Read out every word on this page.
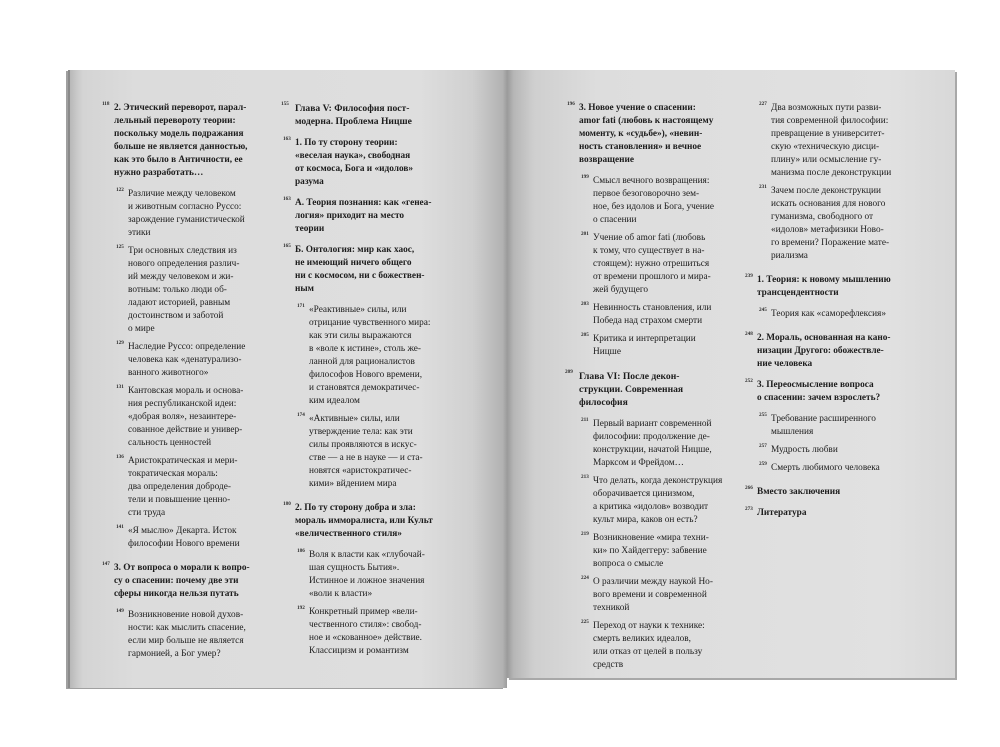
118 2. Этический переворот, парал-
лельный перевороту теории:
поскольку модель подражания
больше не является данностью,
как это было в Античности, ее
нужно разработать…
122 Различие между человеком
и животным согласно Руссо:
зарождение гуманистической
этики
125 Три основных следствия из
нового определения различ-
ий между человеком и жи-
вотным: только люди об-
ладают историей, равным
достоинством и заботой
о мире
129 Наследие Руссо: определение
человека как «денатурализо-
ванного животного»
131 Кантовская мораль и основа-
ния республиканской идеи:
«добрая воля», незаинтере-
сованное действие и универ-
сальность ценностей
136 Аристократическая и мери-
тократическая мораль:
два определения доброде-
тели и повышение ценно-
сти труда
141 «Я мыслю» Декарта. Исток
философии Нового времени
147 3. От вопроса о морали к вопро-
су о спасении: почему две эти
сферы никогда нельзя путать
149 Возникновение новой духов-
ности: как мыслить спасение,
если мир больше не является
гармонией, а Бог умер?
155 Глава V: Философия пост-
модерна. Проблема Ницше
163 1. По ту сторону теории:
«веселая наука», свободная
от космоса, Бога и «идолов»
разума
163 А. Теория познания: как «генеа-
логия» приходит на место
теории
165 Б. Онтология: мир как хаос,
не имеющий ничего общего
ни с космосом, ни с божествен-
ным
171 «Реактивные» силы, или
отрицание чувственного мира:
как эти силы выражаются
в «воле к истине», столь же-
ланной для рационалистов
философов Нового времени,
и становятся демократичес-
ким идеалом
174 «Активные» силы, или
утверждение тела: как эти
силы проявляются в искус-
стве — а не в науке — и ста-
новятся «аристократичес-
кими» вйдением мира
180 2. По ту сторону добра и зла:
мораль имморалиста, или Культ
«величественного стиля»
186 Воля к власти как «глубочай-
шая сущность Бытия».
Истинное и ложное значения
«воли к власти»
192 Конкретный пример «вели-
чественного стиля»: свобод-
ное и «скованное» действие.
Классицизм и романтизм
196 3. Новое учение о спасении:
amor fati (любовь к настоящему
моменту, к «судьбе»), «невин-
ность становления» и вечное
возвращение
199 Смысл вечного возвращения:
первое безоговорочно зем-
ное, без идолов и Бога, учение
о спасении
201 Учение об amor fati (любовь
к тому, что существует в на-
стоящем): нужно отрешиться
от времени прошлого и мира-
жей будущего
203 Невинность становления, или
Победа над страхом смерти
205 Критика и интерпретации
Ницше
209 Глава VI: После декон-
струкции. Современная
философия
211 Первый вариант современной
философии: продолжение де-
конструкции, начатой Ницше,
Марксом и Фрейдом…
213 Что делать, когда деконструкция
оборачивается цинизмом,
а критика «идолов» возводит
культ мира, каков он есть?
219 Возникновение «мира техни-
ки» по Хайдеггеру: забвение
вопроса о смысле
224 О различии между наукой Но-
вого времени и современной
техникой
225 Переход от науки к технике:
смерть великих идеалов,
или отказ от целей в пользу
средств
227 Два возможных пути разви-
тия современной философии:
превращение в университет-
скую «техническую дисци-
плину» или осмысление гу-
манизма после деконструкции
231 Зачем после деконструкции
искать основания для нового
гуманизма, свободного от
«идолов» метафизики Ново-
го времени? Поражение мате-
риализма
239 1. Теория: к новому мышлению
трансцендентности
245 Теория как «саморефлексия»
248 2. Мораль, основанная на кано-
низации Другого: обожествле-
ние человека
252 3. Переосмысление вопроса
о спасении: зачем взрослеть?
255 Требование расширенного
мышления
257 Мудрость любви
259 Смерть любимого человека
266 Вместо заключения
273 Литература
